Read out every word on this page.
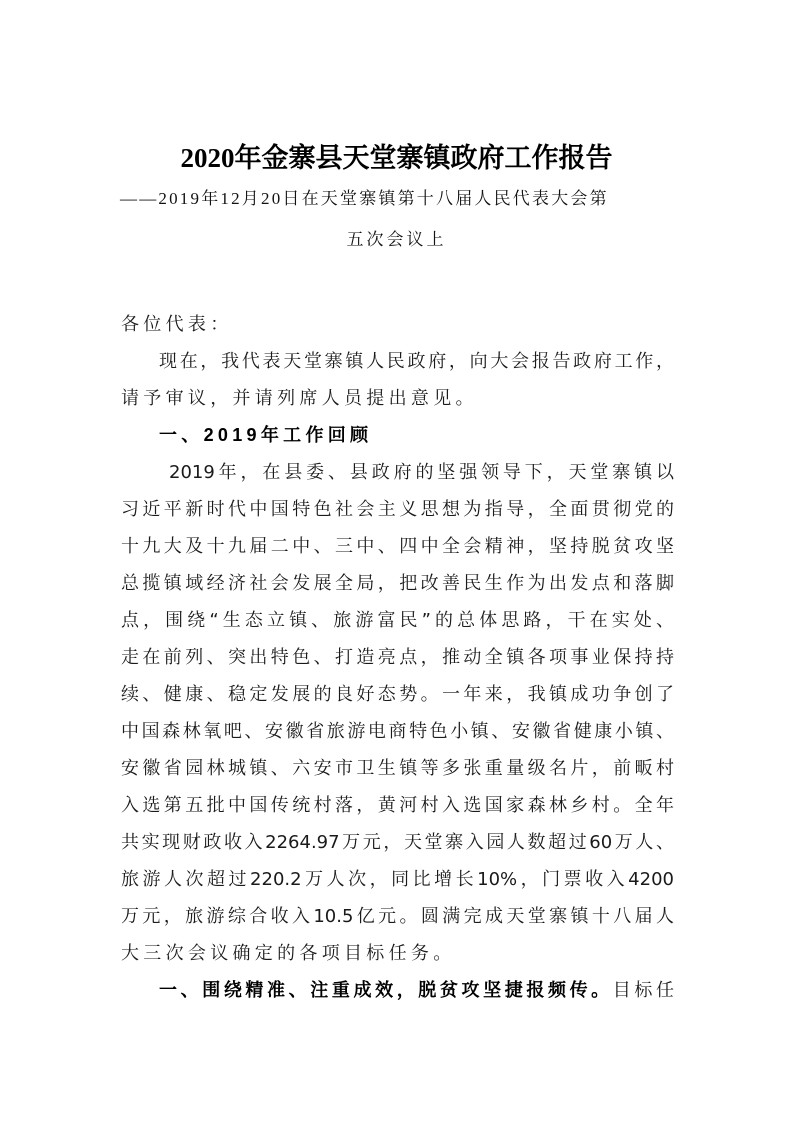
2020年金寨县天堂寨镇政府工作报告
——2019年12月20日在天堂寨镇第十八届人民代表大会第
五次会议上
各位代表：
现在，我代表天堂寨镇人民政府，向大会报告政府工作，
请予审议，并请列席人员提出意见。
一、2019年工作回顾
2019年，在县委、县政府的坚强领导下，天堂寨镇以
习近平新时代中国特色社会主义思想为指导，全面贯彻党的
十九大及十九届二中、三中、四中全会精神，坚持脱贫攻坚
总揽镇域经济社会发展全局，把改善民生作为出发点和落脚
点，围绕“生态立镇、旅游富民”的总体思路，干在实处、
走在前列、突出特色、打造亮点，推动全镇各项事业保持持
续、健康、稳定发展的良好态势。一年来，我镇成功争创了
中国森林氧吧、安徽省旅游电商特色小镇、安徽省健康小镇、
安徽省园林城镇、六安市卫生镇等多张重量级名片，前畈村
入选第五批中国传统村落，黄河村入选国家森林乡村。全年
共实现财政收入2264.97万元，天堂寨入园人数超过60万人、
旅游人次超过220.2万人次，同比增长10%，门票收入4200
万元，旅游综合收入10.5亿元。圆满完成天堂寨镇十八届人
大三次会议确定的各项目标任务。
一、围绕精准、注重成效，脱贫攻坚捷报频传。目标任
